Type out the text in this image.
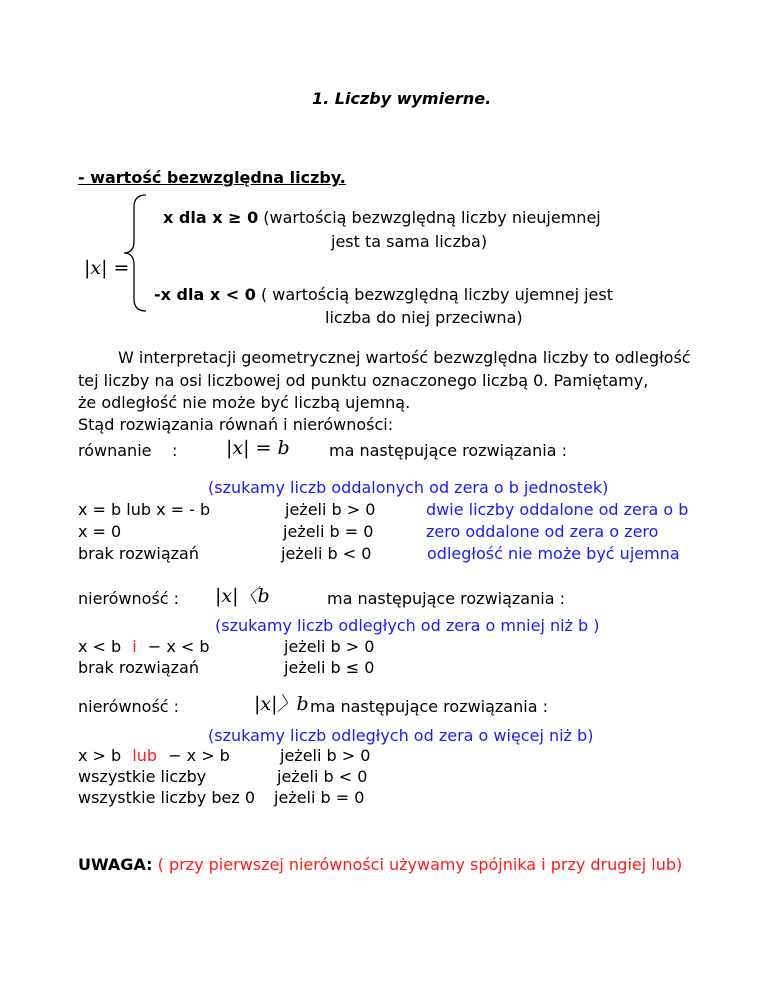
1. Liczby wymierne.
- wartość bezwzględna liczby.
|x| =
x dla x ≥ 0 (wartością bezwzględną liczby nieujemnej
jest ta sama liczba)
-x dla x < 0 ( wartością bezwzględną liczby ujemnej jest
liczba do niej przeciwna)
W interpretacji geometrycznej wartość bezwzględna liczby to odległość
tej liczby na osi liczbowej od punktu oznaczonego liczbą 0. Pamiętamy,
że odległość nie może być liczbą ujemną.
Stąd rozwiązania równań i nierówności:
równanie :	|x| = b ma następujące rozwiązania :
(szukamy liczb oddalonych od zera o b jednostek)
x = b lub x = - b	jeżeli b > 0	dwie liczby oddalone od zera o b
x = 0	jeżeli b = 0	zero oddalone od zera o zero
brak rozwiązań	jeżeli b < 0	odległość nie może być ujemna
nierówność : |x|〈b	ma następujące rozwiązania :
(szukamy liczb odległych od zera o mniej niż b )
x < b i − x < b	jeżeli b > 0
brak rozwiązań	jeżeli b ≤ 0
nierówność :	|x|〉b ma następujące rozwiązania :
(szukamy liczb odległych od zera o więcej niż b)
x > b lub − x > b	jeżeli b > 0
wszystkie liczby	jeżeli b < 0
wszystkie liczby bez 0 jeżeli b = 0
UWAGA: ( przy pierwszej nierówności używamy spójnika i przy drugiej lub)
